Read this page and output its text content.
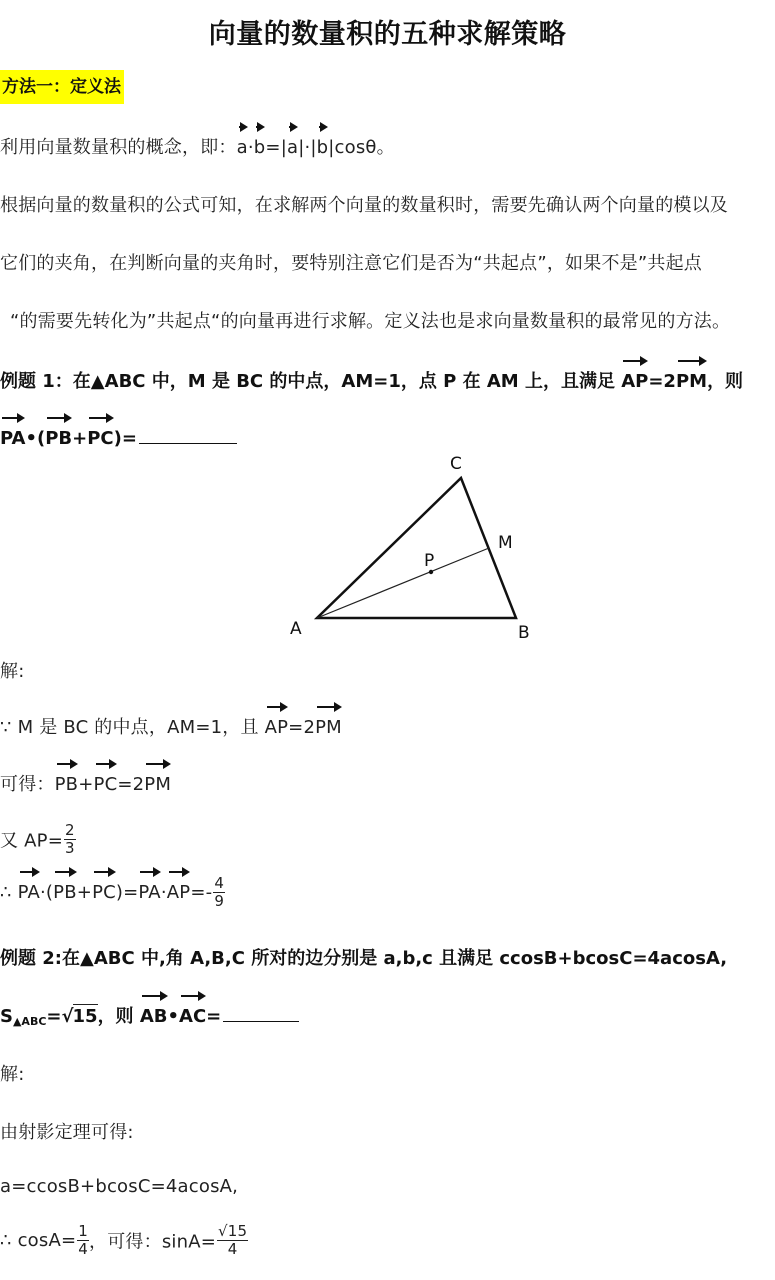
向量的数量积的五种求解策略
方法一：定义法
利用向量数量积的概念，即：a·b=|a|·|b|cosθ。
根据向量的数量积的公式可知，在求解两个向量的数量积时，需要先确认两个向量的模以及
它们的夹角，在判断向量的夹角时，要特别注意它们是否为“共起点”，如果不是”共起点
“的需要先转化为”共起点“的向量再进行求解。定义法也是求向量数量积的最常见的方法。
例题 1：在▲ABC 中，M 是 BC 的中点，AM=1，点 P 在 AM 上，且满足 AP=2PM，则
PA•(PB+PC)=
C
M
P
A	B
解:
∵ M 是 BC 的中点，AM=1，且 AP=2PM
可得：PB+PC=2PM
又 $AP= \frac{2}{3}$
∴ $PA\cdot(PB+PC)=PA\cdot AP=- \frac{4}{9}$
例题 2:在▲ABC 中,角 A,B,C 所对的边分别是 a,b,c 且满足 ccosB+bcosC=4acosA,
$S_{▲ABC}=√15$，则 AB•AC=
解:
由射影定理可得:
a=ccosB+bcosC=4acosA,
∴ $\cos A= \frac{1}{4}$ ，可得：$\sin A= \frac{√15}{4}$
